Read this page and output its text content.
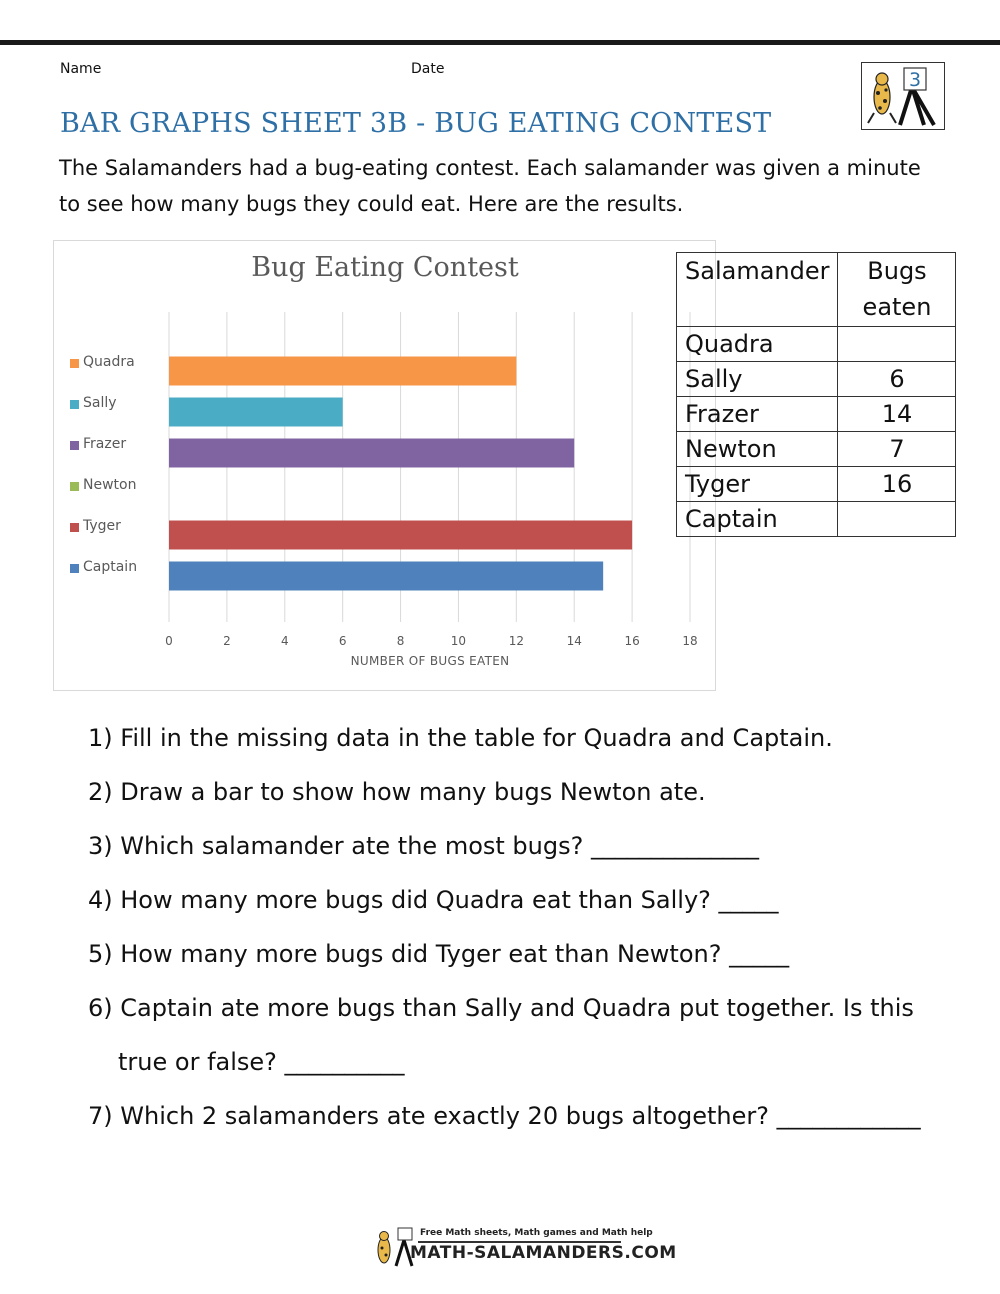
Name	Date	3
BAR GRAPHS SHEET 3B - BUG EATING CONTEST
The Salamanders had a bug-eating contest. Each salamander was given a minute to see how many bugs they could eat. Here are the results.
Bug Eating Contest
Quadra
Sally
Frazer
Newton
Tyger
Captain
0	2	4	6	8	10	12	14	16	18
NUMBER OF BUGS EATEN
Salamander	Bugs
eaten
Quadra	
Sally	6
Frazer	14
Newton	7
Tyger	16
Captain	
1) Fill in the missing data in the table for Quadra and Captain.
2) Draw a bar to show how many bugs Newton ate.
3) Which salamander ate the most bugs? ______________
4) How many more bugs did Quadra eat than Sally? _____
5) How many more bugs did Tyger eat than Newton? _____
6) Captain ate more bugs than Sally and Quadra put together. Is this
true or false? __________
7) Which 2 salamanders ate exactly 20 bugs altogether? ____________
Free Math sheets, Math games and Math help
MATH-SALAMANDERS.COM
